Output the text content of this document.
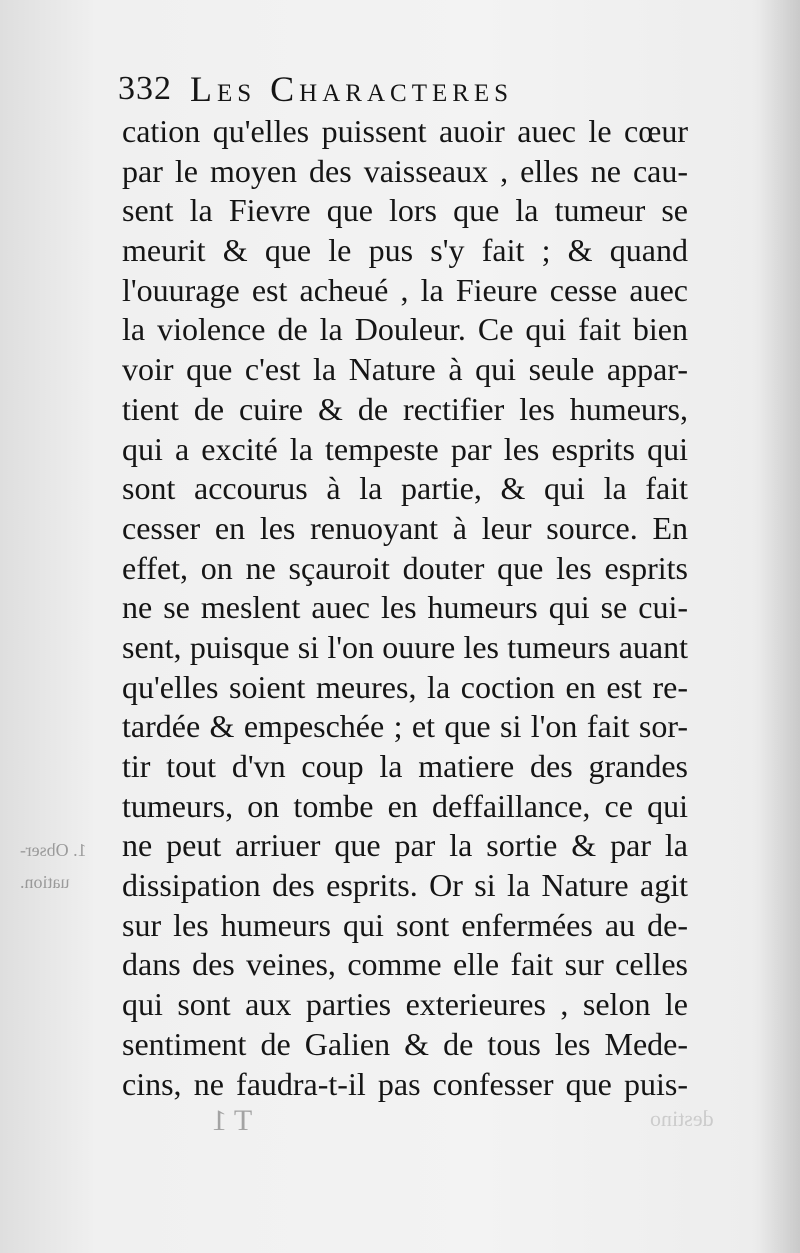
332 Les Characteres
cation qu'elles puissent auoir auec le cœur
par le moyen des vaisseaux , elles ne cau-
sent la Fievre que lors que la tumeur se
meurit & que le pus s'y fait ; & quand
l'ouurage est acheué , la Fieure cesse auec
la violence de la Douleur. Ce qui fait bien
voir que c'est la Nature à qui seule appar-
tient de cuire & de rectifier les humeurs,
qui a excité la tempeste par les esprits qui
sont accourus à la partie, & qui la fait
cesser en les renuoyant à leur source. En
effet, on ne sçauroit douter que les esprits
ne se meslent auec les humeurs qui se cui-
sent, puisque si l'on ouure les tumeurs auant
qu'elles soient meures, la coction en est re-
tardée & empeschée ; et que si l'on fait sor-
tir tout d'vn coup la matiere des grandes
tumeurs, on tombe en deffaillance, ce qui
ne peut arriuer que par la sortie & par la
dissipation des esprits. Or si la Nature agit
sur les humeurs qui sont enfermées au de-
dans des veines, comme elle fait sur celles
qui sont aux parties exterieures , selon le
sentiment de Galien & de tous les Mede-
cins, ne faudra-t-il pas confesser que puis-
1. Obser-
uation.
T 1	destino
